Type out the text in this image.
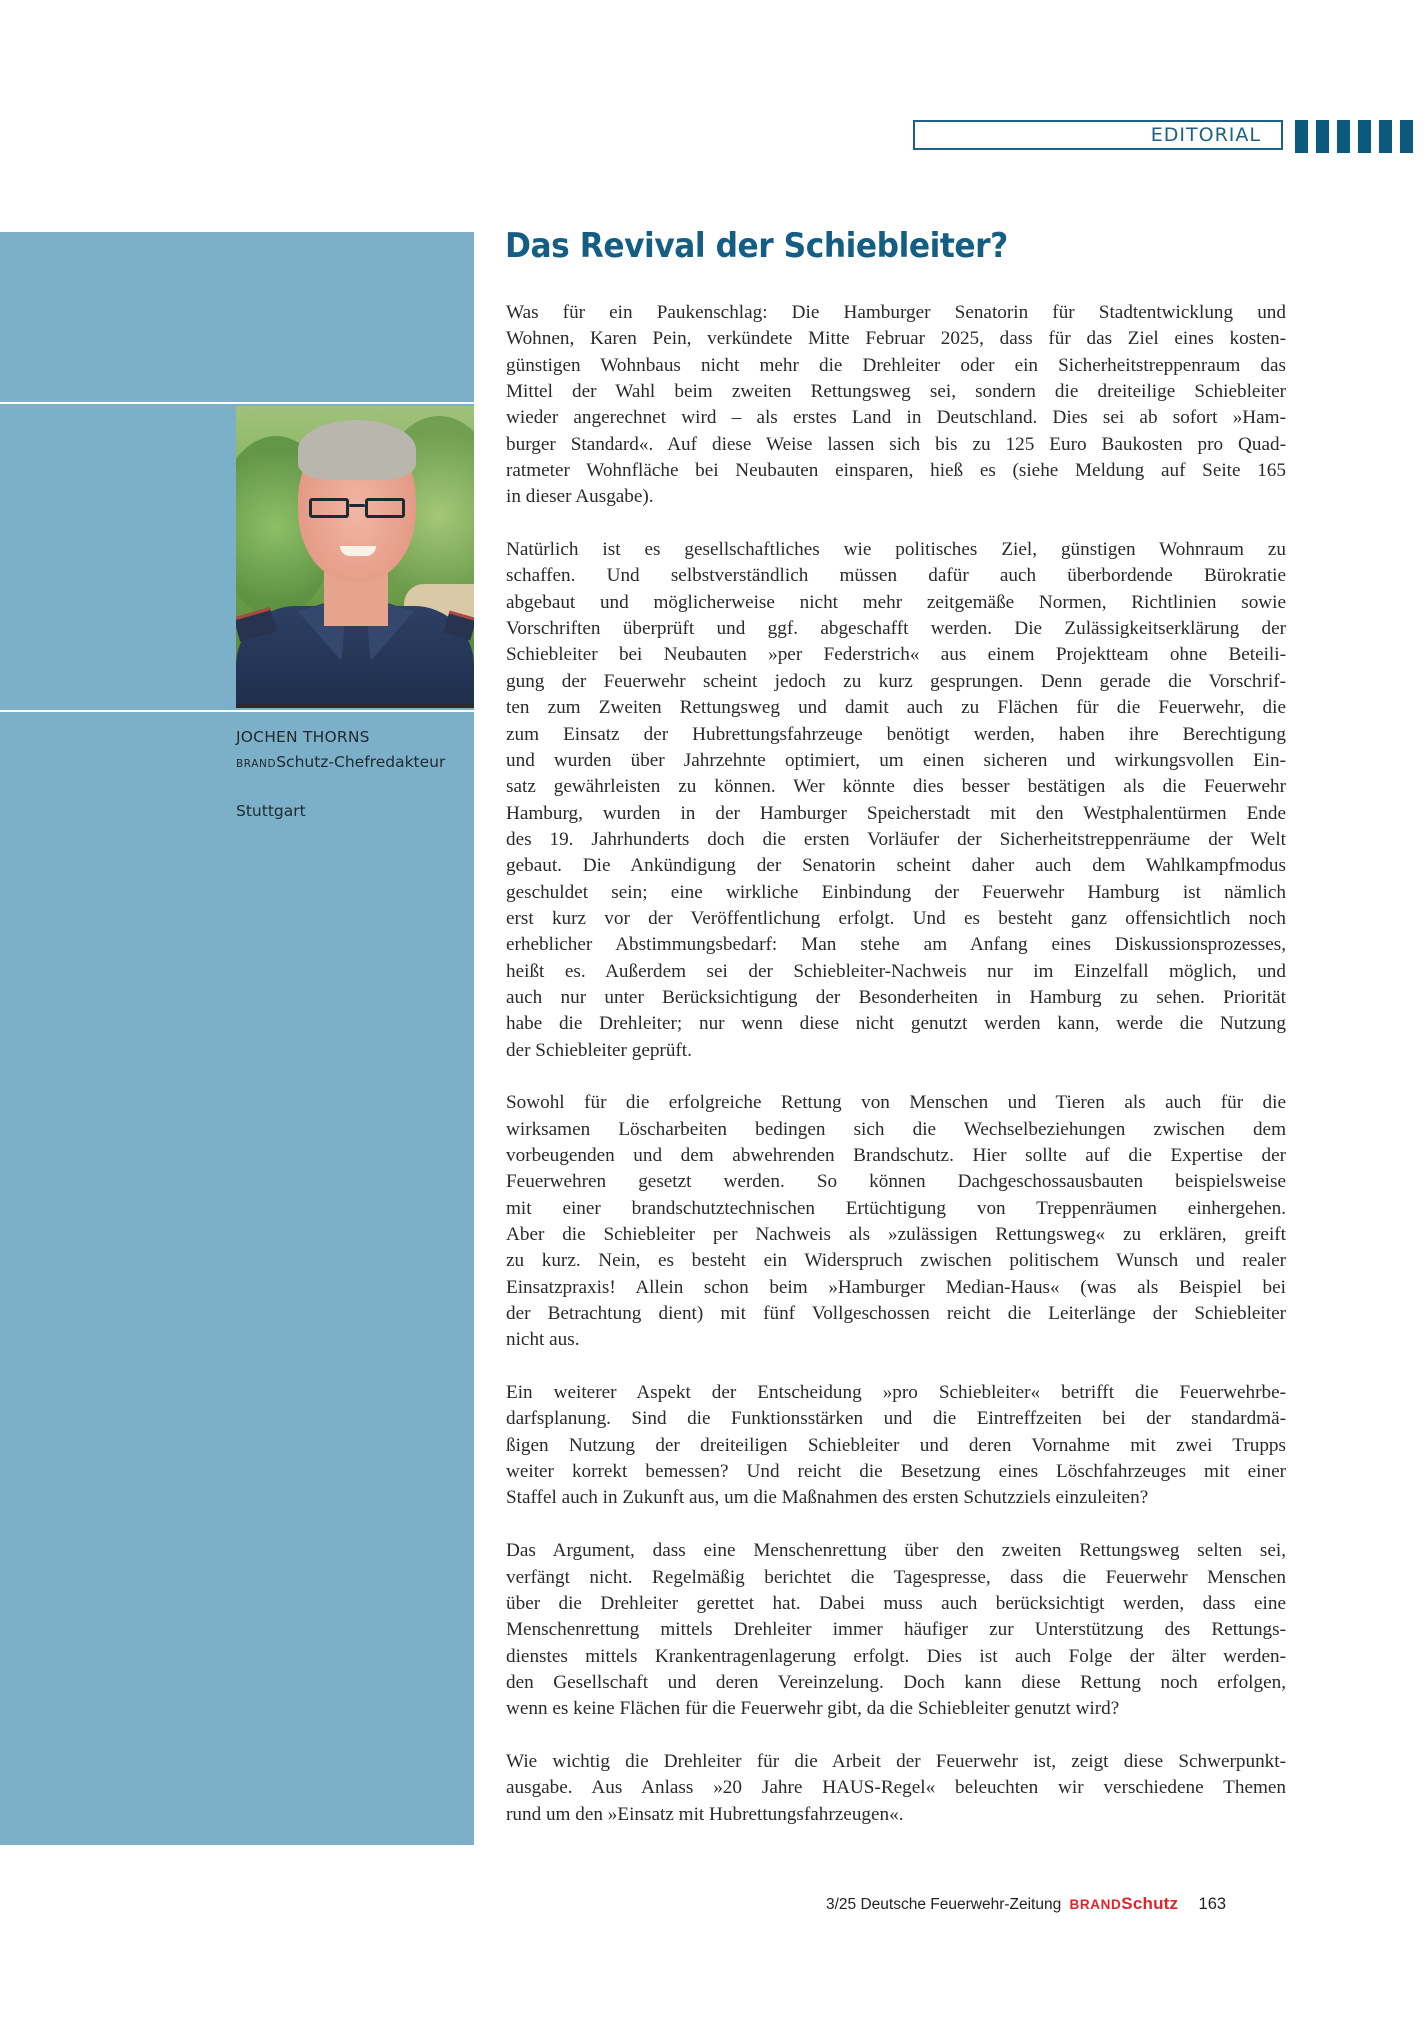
EDITORIAL
JOCHEN THORNS
BRANDSchutz-Chefredakteur
Stuttgart
Das Revival der Schiebleiter?

Was für ein Paukenschlag: Die Hamburger Senatorin für Stadtentwicklung und
Wohnen, Karen Pein, verkündete Mitte Februar 2025, dass für das Ziel eines kosten-
günstigen Wohnbaus nicht mehr die Drehleiter oder ein Sicherheitstreppenraum das
Mittel der Wahl beim zweiten Rettungsweg sei, sondern die dreiteilige Schiebleiter
wieder angerechnet wird – als erstes Land in Deutschland. Dies sei ab sofort »Ham-
burger Standard«. Auf diese Weise lassen sich bis zu 125 Euro Baukosten pro Quad-
ratmeter Wohnfläche bei Neubauten einsparen, hieß es (siehe Meldung auf Seite 165
in dieser Ausgabe).

Natürlich ist es gesellschaftliches wie politisches Ziel, günstigen Wohnraum zu
schaffen. Und selbstverständlich müssen dafür auch überbordende Bürokratie
abgebaut und möglicherweise nicht mehr zeitgemäße Normen, Richtlinien sowie
Vorschriften überprüft und ggf. abgeschafft werden. Die Zulässigkeitserklärung der
Schiebleiter bei Neubauten »per Federstrich« aus einem Projektteam ohne Beteili-
gung der Feuerwehr scheint jedoch zu kurz gesprungen. Denn gerade die Vorschrif-
ten zum Zweiten Rettungsweg und damit auch zu Flächen für die Feuerwehr, die
zum Einsatz der Hubrettungsfahrzeuge benötigt werden, haben ihre Berechtigung
und wurden über Jahrzehnte optimiert, um einen sicheren und wirkungsvollen Ein-
satz gewährleisten zu können. Wer könnte dies besser bestätigen als die Feuerwehr
Hamburg, wurden in der Hamburger Speicherstadt mit den Westphalentürmen Ende
des 19. Jahrhunderts doch die ersten Vorläufer der Sicherheitstreppenräume der Welt
gebaut. Die Ankündigung der Senatorin scheint daher auch dem Wahlkampfmodus
geschuldet sein; eine wirkliche Einbindung der Feuerwehr Hamburg ist nämlich
erst kurz vor der Veröffentlichung erfolgt. Und es besteht ganz offensichtlich noch
erheblicher Abstimmungsbedarf: Man stehe am Anfang eines Diskussionsprozesses,
heißt es. Außerdem sei der Schiebleiter-Nachweis nur im Einzelfall möglich, und
auch nur unter Berücksichtigung der Besonderheiten in Hamburg zu sehen. Priorität
habe die Drehleiter; nur wenn diese nicht genutzt werden kann, werde die Nutzung
der Schiebleiter geprüft.

Sowohl für die erfolgreiche Rettung von Menschen und Tieren als auch für die
wirksamen Löscharbeiten bedingen sich die Wechselbeziehungen zwischen dem
vorbeugenden und dem abwehrenden Brandschutz. Hier sollte auf die Expertise der
Feuerwehren gesetzt werden. So können Dachgeschossausbauten beispielsweise
mit einer brandschutztechnischen Ertüchtigung von Treppenräumen einhergehen.
Aber die Schiebleiter per Nachweis als »zulässigen Rettungsweg« zu erklären, greift
zu kurz. Nein, es besteht ein Widerspruch zwischen politischem Wunsch und realer
Einsatzpraxis! Allein schon beim »Hamburger Median-Haus« (was als Beispiel bei
der Betrachtung dient) mit fünf Vollgeschossen reicht die Leiterlänge der Schiebleiter
nicht aus.

Ein weiterer Aspekt der Entscheidung »pro Schiebleiter« betrifft die Feuerwehrbe-
darfsplanung. Sind die Funktionsstärken und die Eintreffzeiten bei der standardmä-
ßigen Nutzung der dreiteiligen Schiebleiter und deren Vornahme mit zwei Trupps
weiter korrekt bemessen? Und reicht die Besetzung eines Löschfahrzeuges mit einer
Staffel auch in Zukunft aus, um die Maßnahmen des ersten Schutzziels einzuleiten?

Das Argument, dass eine Menschenrettung über den zweiten Rettungsweg selten sei,
verfängt nicht. Regelmäßig berichtet die Tagespresse, dass die Feuerwehr Menschen
über die Drehleiter gerettet hat. Dabei muss auch berücksichtigt werden, dass eine
Menschenrettung mittels Drehleiter immer häufiger zur Unterstützung des Rettungs-
dienstes mittels Krankentragenlagerung erfolgt. Dies ist auch Folge der älter werden-
den Gesellschaft und deren Vereinzelung. Doch kann diese Rettung noch erfolgen,
wenn es keine Flächen für die Feuerwehr gibt, da die Schiebleiter genutzt wird?

Wie wichtig die Drehleiter für die Arbeit der Feuerwehr ist, zeigt diese Schwerpunkt-
ausgabe. Aus Anlass »20 Jahre HAUS-Regel« beleuchten wir verschiedene Themen
rund um den »Einsatz mit Hubrettungsfahrzeugen«.

3/25 Deutsche Feuerwehr-Zeitung BRANDSchutz 163
